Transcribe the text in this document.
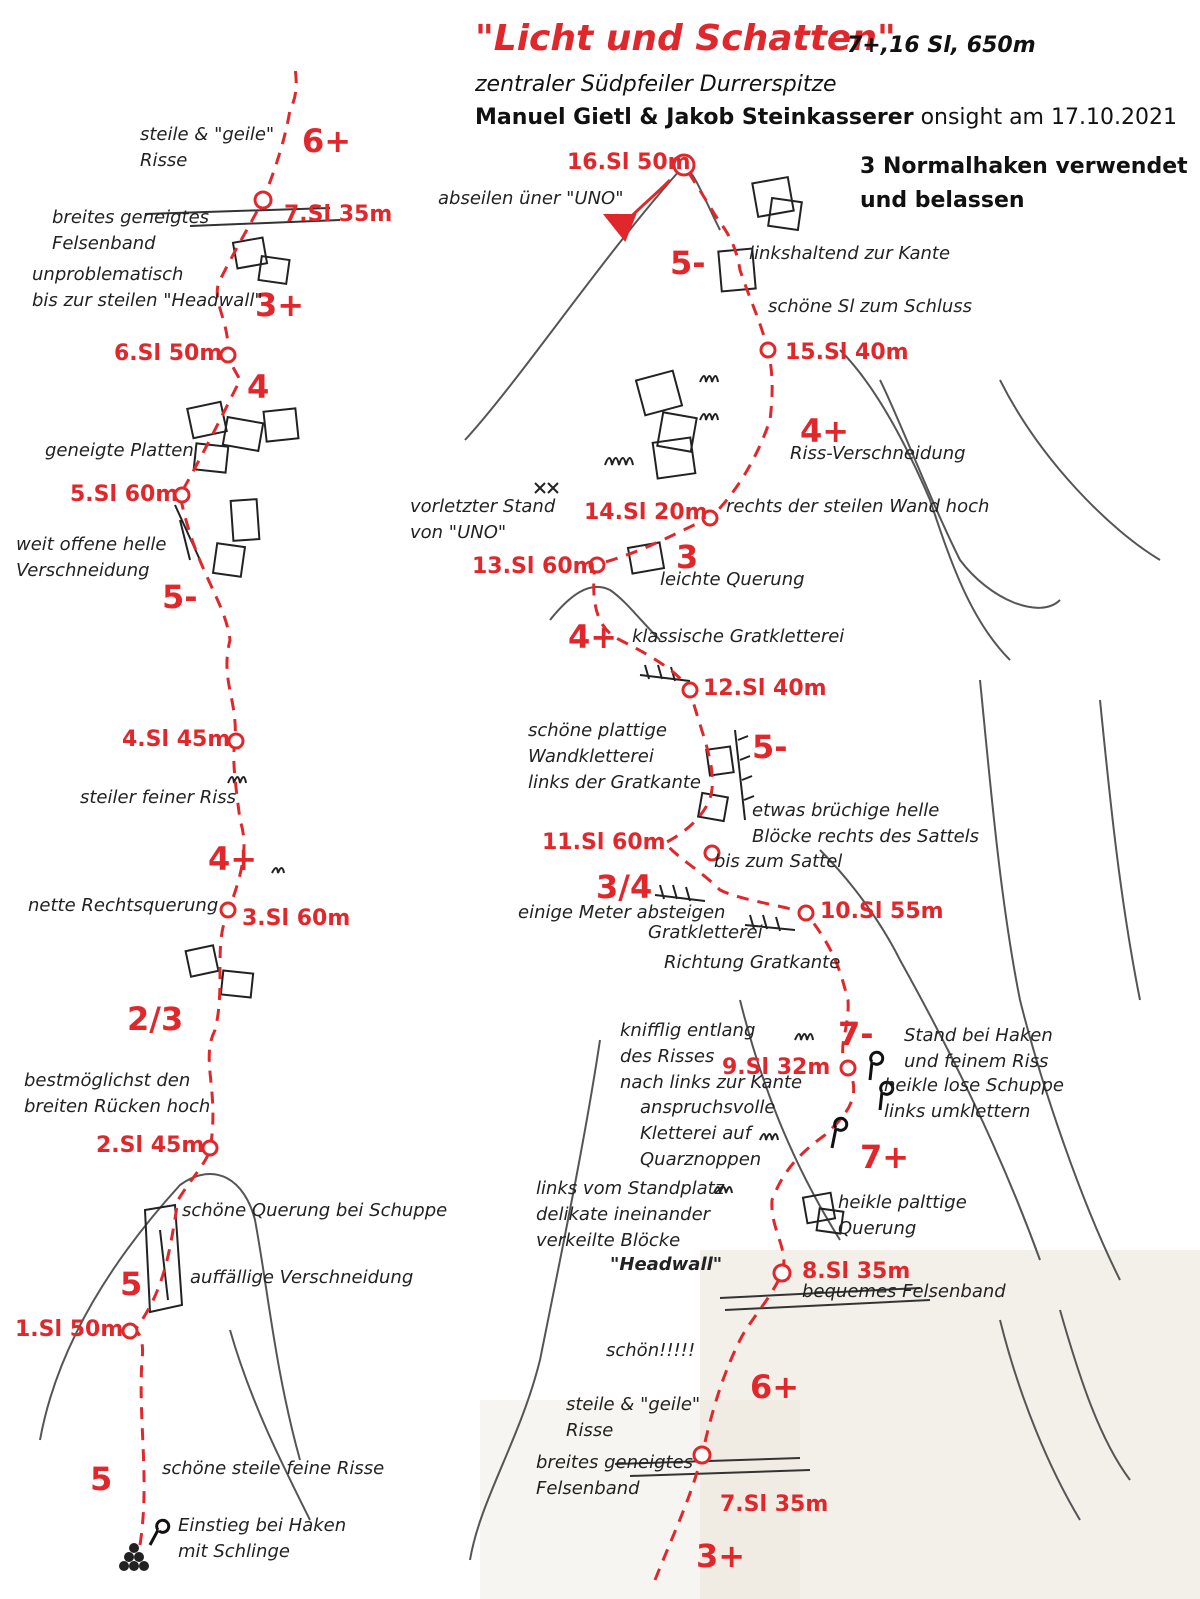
"Licht und Schatten"
7+,16 Sl, 650m
zentraler Südpfeiler Durrerspitze
Manuel Gietl & Jakob Steinkasserer onsight am 17.10.2021
3 Normalhaken verwendet
und belassen
1.Sl 50m
2.Sl 45m
3.Sl 60m
4.Sl 45m
5.Sl 60m
6.Sl 50m
7.Sl 35m
7.Sl 35m
8.Sl 35m
9.Sl 32m
10.Sl 55m
11.Sl 60m
12.Sl 40m
13.Sl 60m
14.Sl 20m
15.Sl 40m
16.Sl 50m
5
5
2/3
4+
5-
4
3+
6+
3+
6+
7+
7-
3/4
5-
4+
3
4+
5-
Einstieg bei Haken
mit Schlinge
schöne steile feine Risse
auffällige Verschneidung
schöne Querung bei Schuppe
bestmöglichst den
breiten Rücken hoch
nette Rechtsquerung
steiler feiner Riss
weit offene helle
Verschneidung
geneigte Platten
unproblematisch
bis zur steilen "Headwall"
breites geneigtes
Felsenband
steile & "geile"
Risse
abseilen üner "UNO"
linkshaltend zur Kante
schöne Sl zum Schluss
Riss-Verschneidung
rechts der steilen Wand hoch
vorletzter Stand
von "UNO"
leichte Querung
klassische Gratkletterei
schöne plattige
Wandkletterei
links der Gratkante
etwas brüchige helle
Blöcke rechts des Sattels
bis zum Sattel
einige Meter absteigen
Gratkletterei
Richtung Gratkante
knifflig entlang
des Risses
nach links zur Kante
Stand bei Haken
und feinem Riss
heikle lose Schuppe
links umklettern
anspruchsvolle
Kletterei auf
Quarznoppen
links vom Standplatz
delikate ineinander
verkeilte Blöcke
heikle palttige
Querung
"Headwall"
bequemes Felsenband
schön!!!!!
steile & "geile"
Risse
breites geneigtes
Felsenband
